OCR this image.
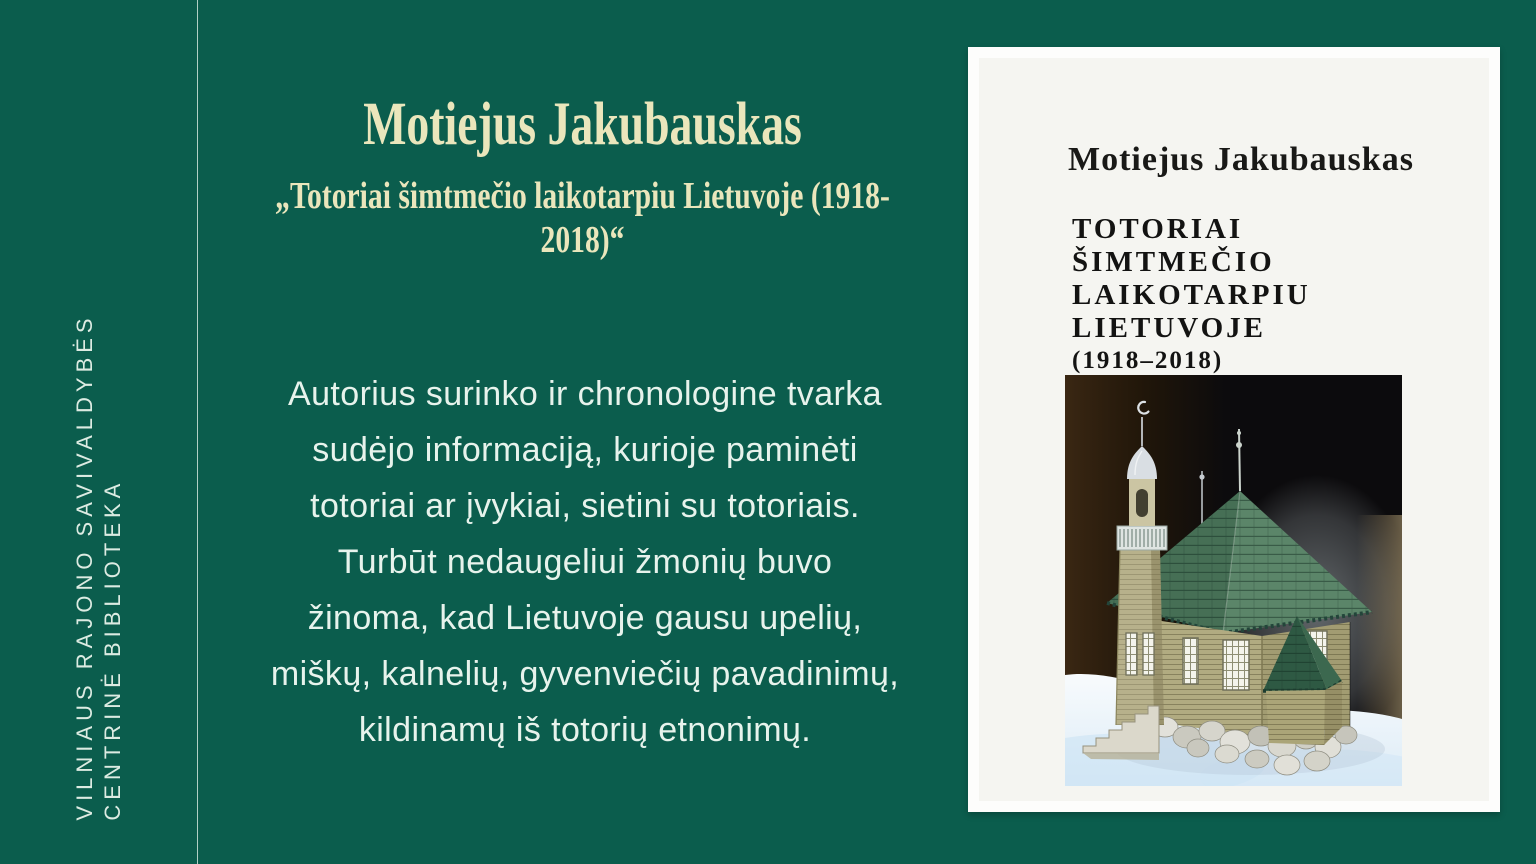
VILNIAUS RAJONO SAVIVALDYBĖS CENTRINĖ BIBLIOTEKA
Motiejus Jakubauskas
„Totoriai šimtmečio laikotarpiu Lietuvoje (1918-2018)“
Autorius surinko ir chronologine tvarka
sudėjo informaciją, kurioje paminėti
totoriai ar įvykiai, sietini su totoriais.
Turbūt nedaugeliui žmonių buvo
žinoma, kad Lietuvoje gausu upelių,
miškų, kalnelių, gyvenviečių pavadinimų,
kildinamų iš totorių etnonimų.
Motiejus Jakubauskas
TOTORIAI
ŠIMTMEČIO
LAIKOTARPIU
LIETUVOJE
(1918–2018)
